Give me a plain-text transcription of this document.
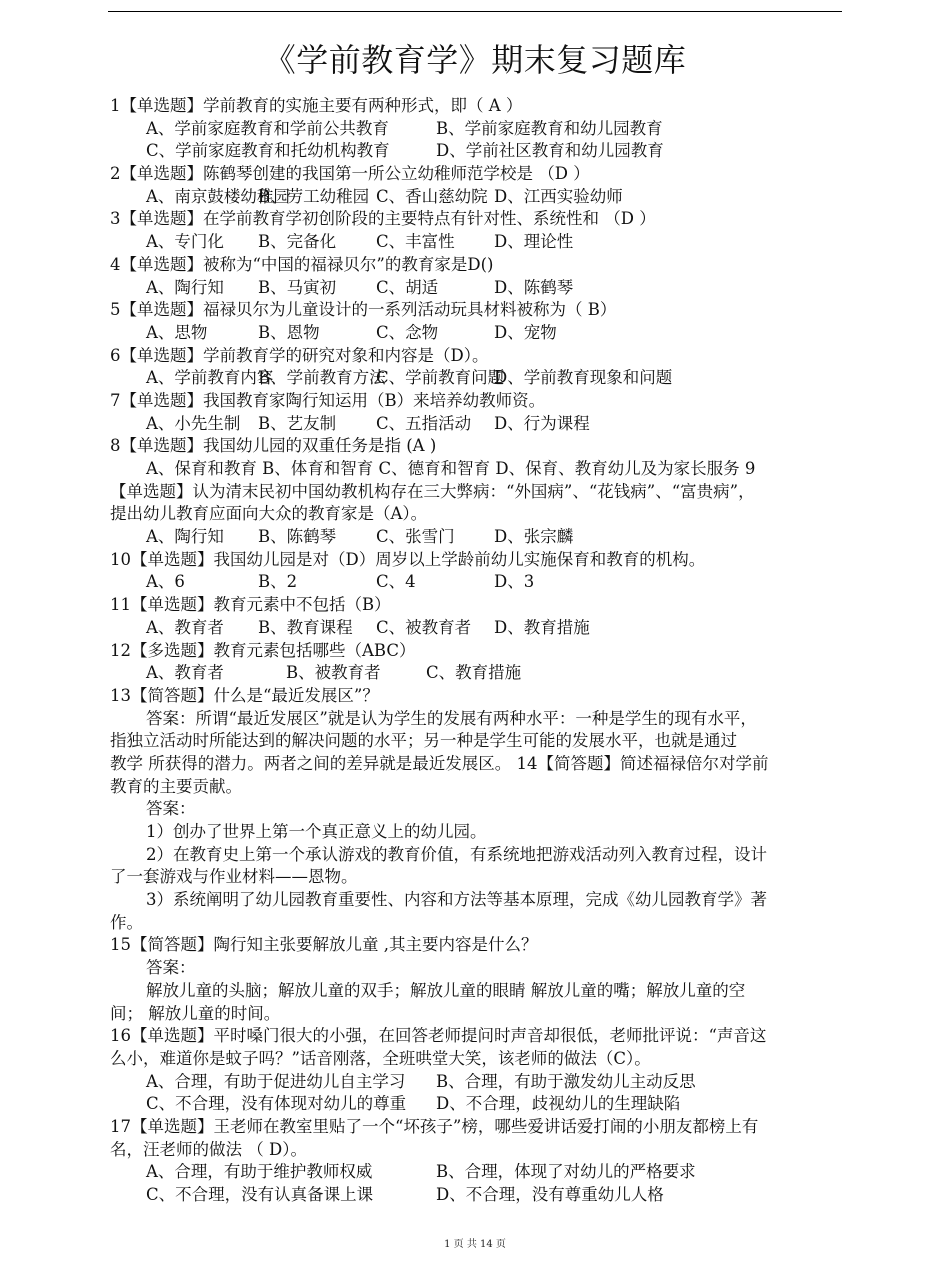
《学前教育学》期末复习题库
1【单选题】学前教育的实施主要有两种形式，即（ A ）
A、学前家庭教育和学前公共教育	B、学前家庭教育和幼儿园教育
C、学前家庭教育和托幼机构教育	D、学前社区教育和幼儿园教育
2【单选题】陈鹤琴创建的我国第一所公立幼稚师范学校是 （D ）
A、南京鼓楼幼稚园B、劳工幼稚园 C、香山慈幼院 D、江西实验幼师
3【单选题】在学前教育学初创阶段的主要特点有针对性、系统性和 （D ）
A、专门化 B、完备化 C、丰富性 D、理论性
4【单选题】被称为“中国的福禄贝尔”的教育家是D()
A、陶行知 B、马寅初 C、胡适	D、陈鹤琴
5【单选题】福禄贝尔为儿童设计的一系列活动玩具材料被称为（ B）
A、思物	B、恩物	C、念物	D、宠物
6【单选题】学前教育学的研究对象和内容是（D）。
A、学前教育内容B、学前教育方法C、学前教育问题D、学前教育现象和问题
7【单选题】我国教育家陶行知运用（B）来培养幼教师资。
A、小先生制 B、艺友制 C、五指活动 D、行为课程
8【单选题】我国幼儿园的双重任务是指 (A )
A、保育和教育 B、体育和智育 C、德育和智育 D、保育、教育幼儿及为家长服务 9
【单选题】认为清末民初中国幼教机构存在三大弊病：“外国病”、“花钱病”、“富贵病”，
提出幼儿教育应面向大众的教育家是（A）。
A、陶行知 B、陈鹤琴 C、张雪门 D、张宗麟
10【单选题】我国幼儿园是对（D）周岁以上学龄前幼儿实施保育和教育的机构。
A、6	B、2	C、4	D、3
11【单选题】教育元素中不包括（B）
A、教育者 B、教育课程 C、被教育者 D、教育措施
12【多选题】教育元素包括哪些（ABC）
A、教育者	B、被教育者	C、教育措施
13【简答题】什么是“最近发展区”？
答案：所谓“最近发展区”就是认为学生的发展有两种水平：一种是学生的现有水平，
指独立活动时所能达到的解决问题的水平；另一种是学生可能的发展水平，也就是通过
教学 所获得的潜力。两者之间的差异就是最近发展区。 14【简答题】简述福禄倍尔对学前
教育的主要贡献。
答案：
1）创办了世界上第一个真正意义上的幼儿园。
2）在教育史上第一个承认游戏的教育价值，有系统地把游戏活动列入教育过程，设计
了一套游戏与作业材料——恩物。
3）系统阐明了幼儿园教育重要性、内容和方法等基本原理，完成《幼儿园教育学》著
作。
15【简答题】陶行知主张要解放儿童 ,其主要内容是什么？
答案：
解放儿童的头脑；解放儿童的双手；解放儿童的眼睛 解放儿童的嘴；解放儿童的空
间； 解放儿童的时间。
16【单选题】平时嗓门很大的小强，在回答老师提问时声音却很低，老师批评说：“声音这
么小，难道你是蚊子吗？”话音刚落，全班哄堂大笑，该老师的做法（C）。
A、合理，有助于促进幼儿自主学习 B、合理，有助于激发幼儿主动反思
C、不合理，没有体现对幼儿的尊重 D、不合理，歧视幼儿的生理缺陷
17【单选题】王老师在教室里贴了一个“坏孩子”榜，哪些爱讲话爱打闹的小朋友都榜上有
名，汪老师的做法 （ D）。
A、合理，有助于维护教师权威	B、合理，体现了对幼儿的严格要求
C、不合理，没有认真备课上课	D、不合理，没有尊重幼儿人格
1 页 共 14 页
